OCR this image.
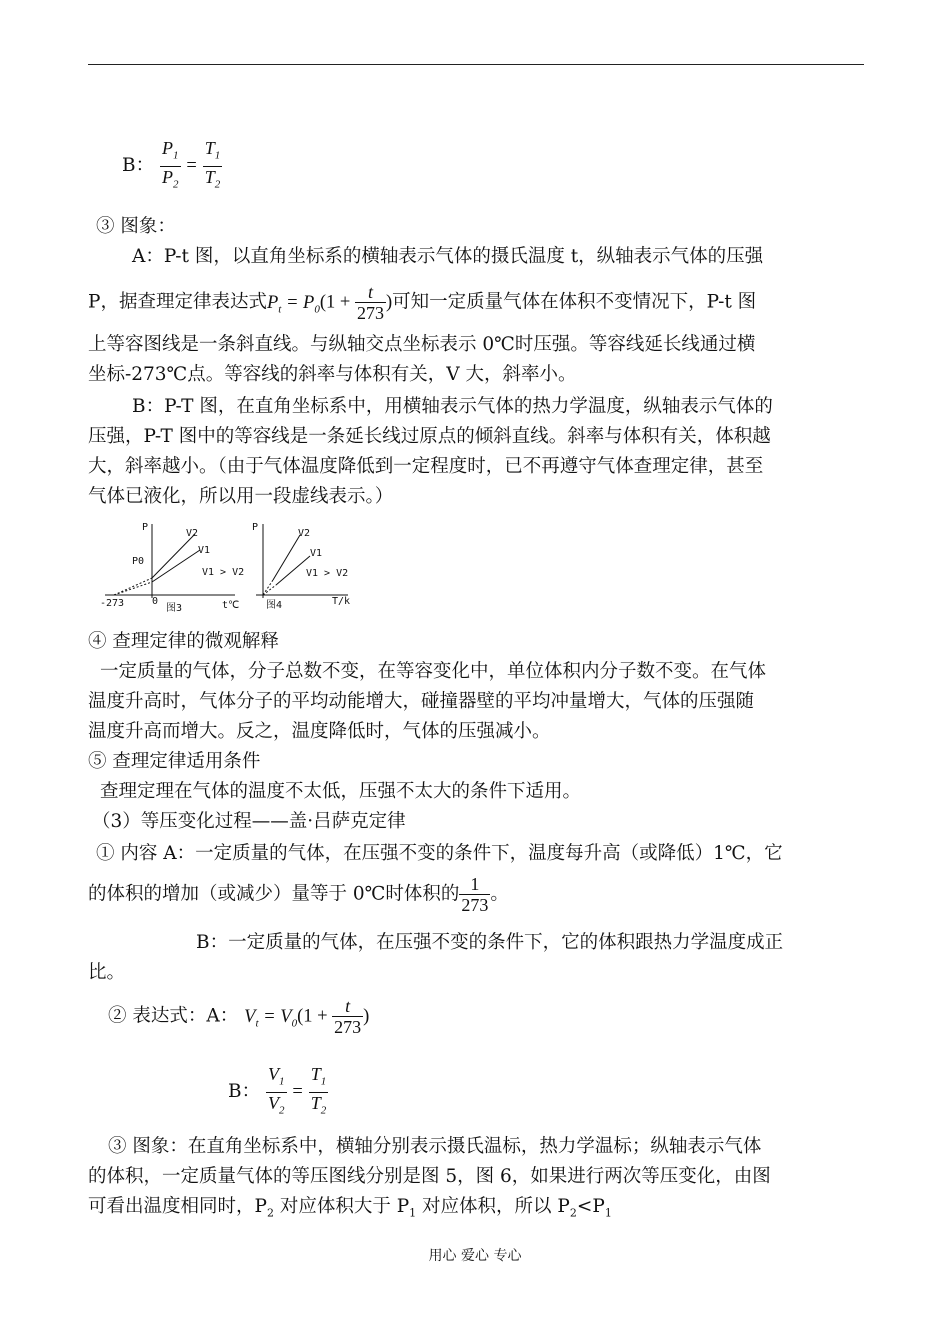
B： $\frac{P_1}{P_2} = \frac{T_1}{T_2}$
③ 图象：
A：P-t 图，以直角坐标系的横轴表示气体的摄氏温度 t，纵轴表示气体的压强
P，据查理定律表达式$P_t = P_0(1 + \frac{t}{273}$ )可知一定质量气体在体积不变情况下，P-t 图
上等容图线是一条斜直线。与纵轴交点坐标表示 0℃时压强。等容线延长线通过横
坐标-273℃点。等容线的斜率与体积有关，V 大，斜率小。
B：P-T 图，在直角坐标系中，用横轴表示气体的热力学温度，纵轴表示气体的
压强，P-T 图中的等容线是一条延长线过原点的倾斜直线。斜率与体积有关，体积越
大，斜率越小。（由于气体温度降低到一定程度时，已不再遵守气体查理定律，甚至
气体已液化，所以用一段虚线表示。）
P
V2
V1
P0
V1 > V2
-273	0
图3	t℃
P
V2
V1
V1 > V2
图4	T/k
④ 查理定律的微观解释
一定质量的气体，分子总数不变，在等容变化中，单位体积内分子数不变。在气体
温度升高时，气体分子的平均动能增大，碰撞器壁的平均冲量增大，气体的压强随
温度升高而增大。反之，温度降低时，气体的压强减小。
⑤ 查理定律适用条件
查理定理在气体的温度不太低，压强不太大的条件下适用。
（3）等压变化过程——盖·吕萨克定律
① 内容 A：一定质量的气体，在压强不变的条件下，温度每升高（或降低）1℃，它
的体积的增加（或减少）量等于 0℃时体积的 $\frac{1}{273}$ 。
B：一定质量的气体，在压强不变的条件下，它的体积跟热力学温度成正
比。
② 表达式：A： $V_t = V_0(1 + \frac{t}{273}$ )
B： $\frac{V_1}{V_2} = \frac{T_1}{T_2}$
③ 图象：在直角坐标系中，横轴分别表示摄氏温标，热力学温标；纵轴表示气体
的体积，一定质量气体的等压图线分别是图 5，图 6，如果进行两次等压变化，由图
可看出温度相同时，$P_2$ 对应体积大于 $P_1$ 对应体积，所以 $P_2<P_1$
用心 爱心 专心
